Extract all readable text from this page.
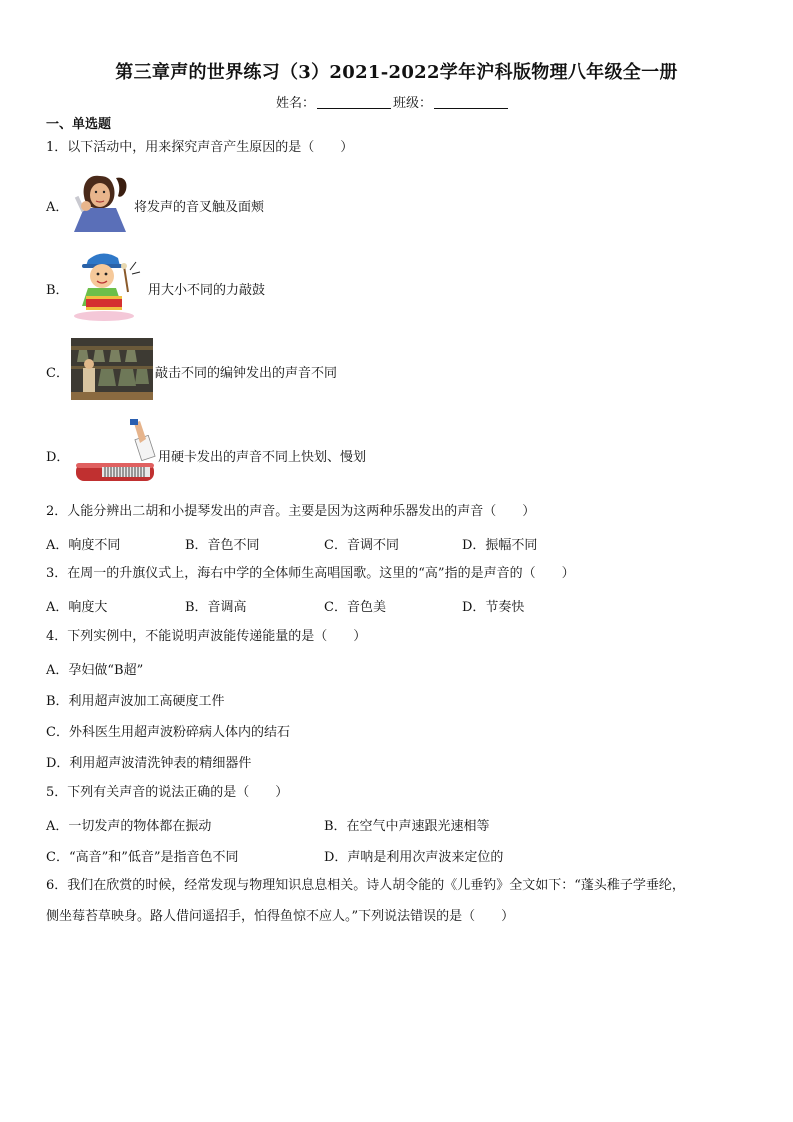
第三章声的世界练习（3）2021-2022学年沪科版物理八年级全一册
姓名：	班级：
一、单选题
1．以下活动中，用来探究声音产生原因的是（　　）
A．	将发声的音叉触及面颊
B．	用大小不同的力敲鼓
C．	敲击不同的编钟发出的声音不同
D．	用硬卡发出的声音不同上快划、慢划
2．人能分辨出二胡和小提琴发出的声音。主要是因为这两种乐器发出的声音（　　）
A．响度不同	B．音色不同	C．音调不同	D．振幅不同
3．在周一的升旗仪式上，海右中学的全体师生高唱国歌。这里的“高”指的是声音的（　　）
A．响度大	B．音调高	C．音色美	D．节奏快
4．下列实例中，不能说明声波能传递能量的是（　　）
A．孕妇做“B超”
B．利用超声波加工高硬度工件
C．外科医生用超声波粉碎病人体内的结石
D．利用超声波清洗钟表的精细器件
5．下列有关声音的说法正确的是（　　）
A．一切发声的物体都在振动	B．在空气中声速跟光速相等
C．“高音”和”低音”是指音色不同	D．声呐是利用次声波来定位的
6．我们在欣赏的时候，经常发现与物理知识息息相关。诗人胡令能的《儿垂钓》全文如下：“蓬头稚子学垂纶，
侧坐莓苔草映身。路人借问遥招手，怕得鱼惊不应人。”下列说法错误的是（　　）
